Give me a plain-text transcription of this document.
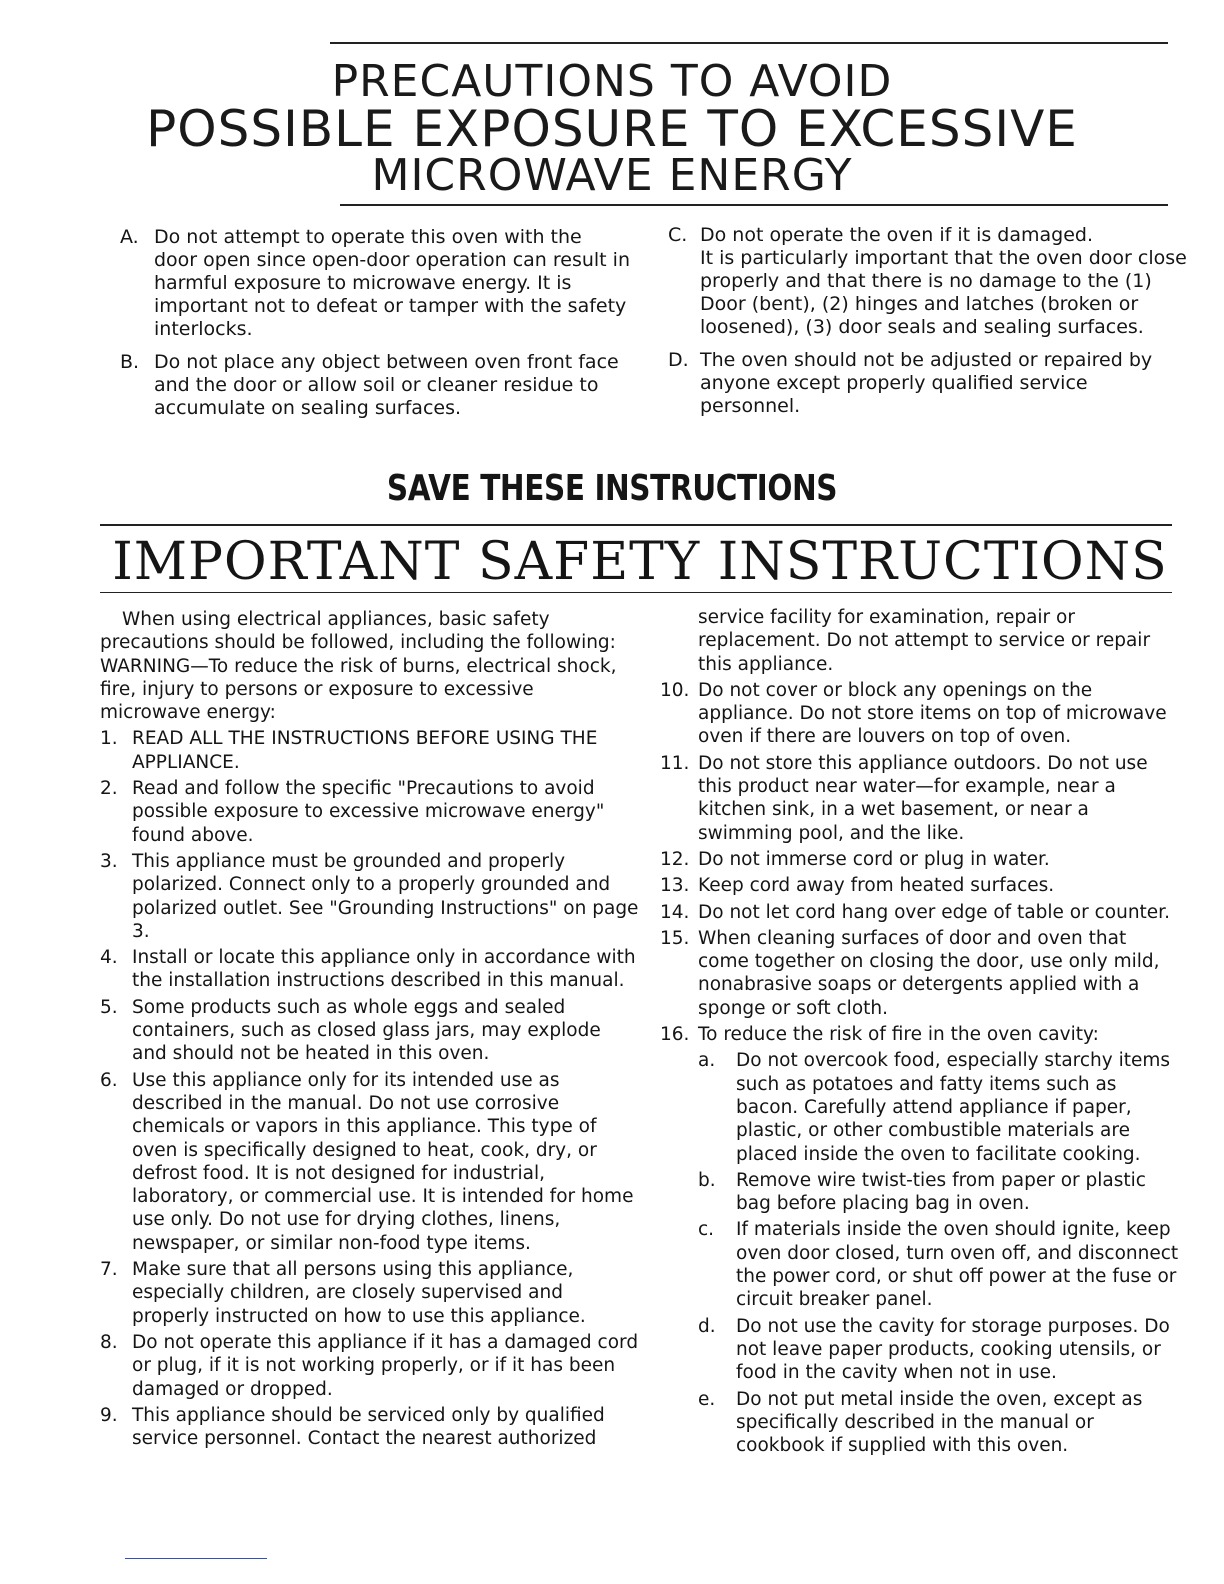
PRECAUTIONS TO AVOID
POSSIBLE EXPOSURE TO EXCESSIVE
MICROWAVE ENERGY
A. Do not attempt to operate this oven with the door open since open-door operation can result in harmful exposure to microwave energy. It is important not to defeat or tamper with the safety interlocks.
B. Do not place any object between oven front face and the door or allow soil or cleaner residue to accumulate on sealing surfaces.
C. Do not operate the oven if it is damaged.
It is particularly important that the oven door close properly and that there is no damage to the (1) Door (bent), (2) hinges and latches (broken or loosened), (3) door seals and sealing surfaces.
D. The oven should not be adjusted or repaired by anyone except properly qualified service personnel.
SAVE THESE INSTRUCTIONS
IMPORTANT SAFETY INSTRUCTIONS
When using electrical appliances, basic safety precautions should be followed, including the following:
WARNING—To reduce the risk of burns, electrical shock, fire, injury to persons or exposure to excessive microwave energy:
1. READ ALL THE INSTRUCTIONS BEFORE USING THE APPLIANCE.
2. Read and follow the specific "Precautions to avoid possible exposure to excessive microwave energy" found above.
3. This appliance must be grounded and properly polarized. Connect only to a properly grounded and polarized outlet. See "Grounding Instructions" on page 3.
4. Install or locate this appliance only in accordance with the installation instructions described in this manual.
5. Some products such as whole eggs and sealed containers, such as closed glass jars, may explode and should not be heated in this oven.
6. Use this appliance only for its intended use as described in the manual. Do not use corrosive chemicals or vapors in this appliance. This type of oven is specifically designed to heat, cook, dry, or defrost food. It is not designed for industrial, laboratory, or commercial use. It is intended for home use only. Do not use for drying clothes, linens, newspaper, or similar non-food type items.
7. Make sure that all persons using this appliance, especially children, are closely supervised and properly instructed on how to use this appliance.
8. Do not operate this appliance if it has a damaged cord or plug, if it is not working properly, or if it has been damaged or dropped.
9. This appliance should be serviced only by qualified service personnel. Contact the nearest authorized
service facility for examination, repair or replacement. Do not attempt to service or repair this appliance.
10. Do not cover or block any openings on the appliance. Do not store items on top of microwave oven if there are louvers on top of oven.
11. Do not store this appliance outdoors. Do not use this product near water—for example, near a kitchen sink, in a wet basement, or near a swimming pool, and the like.
12. Do not immerse cord or plug in water.
13. Keep cord away from heated surfaces.
14. Do not let cord hang over edge of table or counter.
15. When cleaning surfaces of door and oven that come together on closing the door, use only mild, nonabrasive soaps or detergents applied with a sponge or soft cloth.
16. To reduce the risk of fire in the oven cavity:
a.	Do not overcook food, especially starchy items such as potatoes and fatty items such as bacon. Carefully attend appliance if paper, plastic, or other combustible materials are placed inside the oven to facilitate cooking.
b.	Remove wire twist-ties from paper or plastic bag before placing bag in oven.
c.	If materials inside the oven should ignite, keep oven door closed, turn oven off, and disconnect the power cord, or shut off power at the fuse or circuit breaker panel.
d.	Do not use the cavity for storage purposes. Do not leave paper products, cooking utensils, or food in the cavity when not in use.
e.	Do not put metal inside the oven, except as specifically described in the manual or cookbook if supplied with this oven.
